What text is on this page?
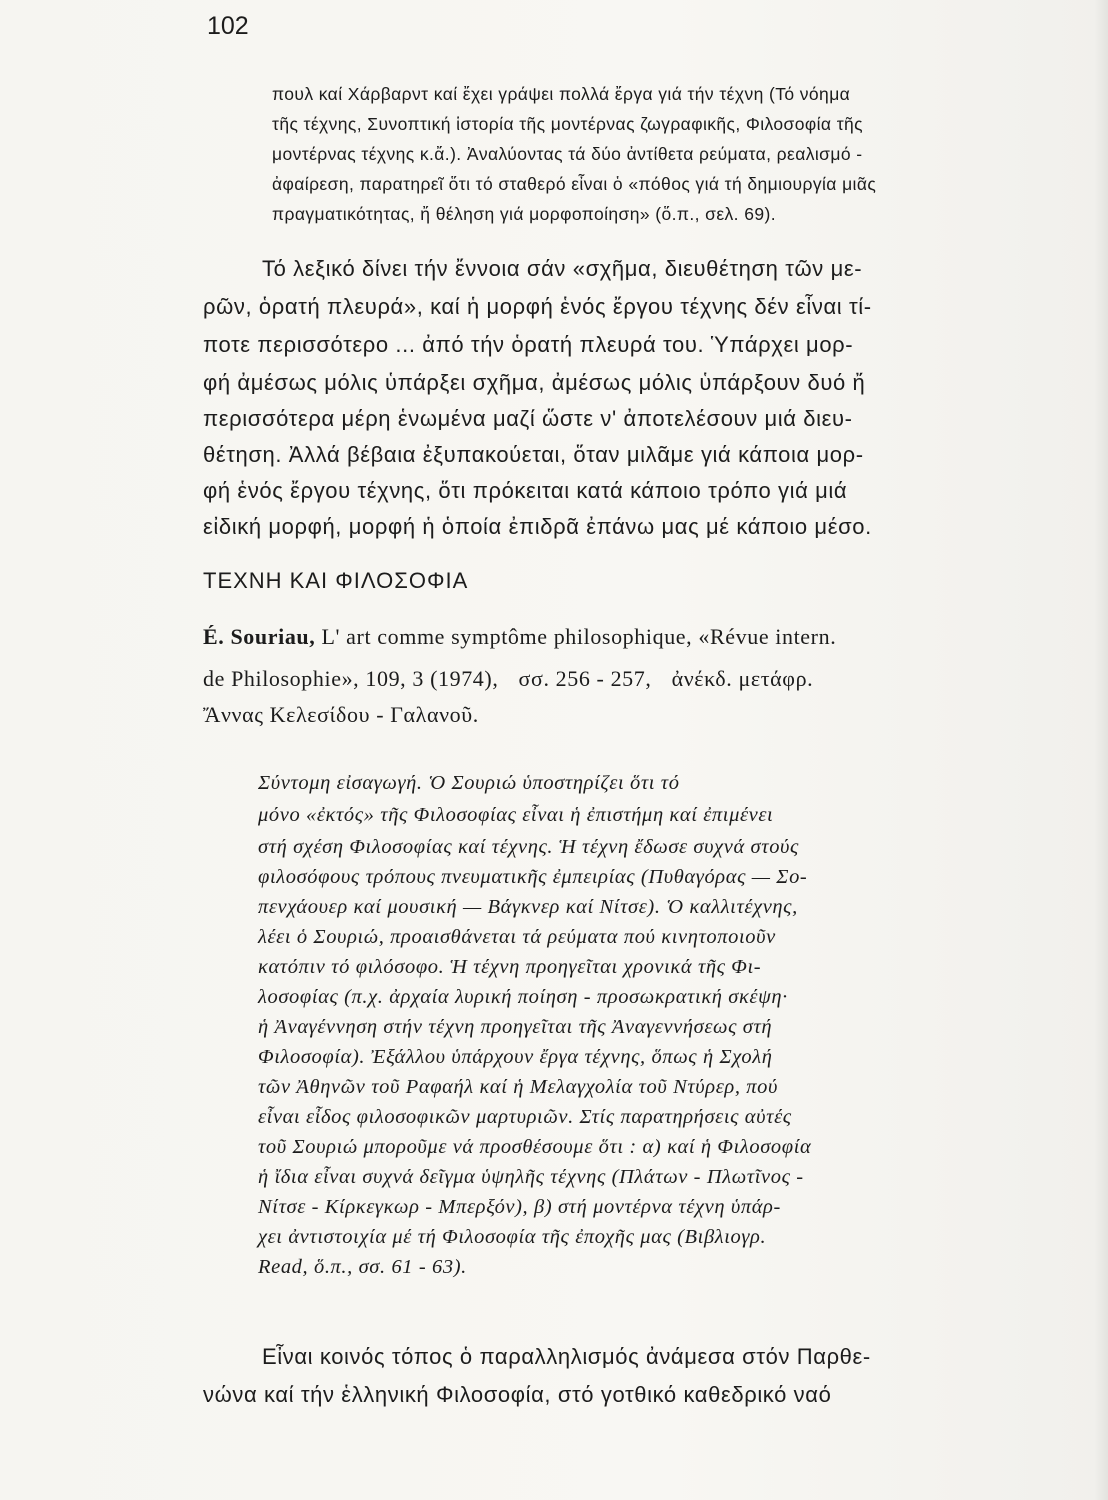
102
πουλ καί Χάρβαρντ καί ἔχει γράψει πολλά ἔργα γιά τήν τέχνη (Τό νόημα
τῆς τέχνης, Συνοπτική ἱστορία τῆς μοντέρνας ζωγραφικῆς, Φιλοσοφία τῆς
μοντέρνας τέχνης κ.ἄ.). Ἀναλύοντας τά δύο ἀντίθετα ρεύματα, ρεαλισμό -
ἀφαίρεση, παρατηρεῖ ὅτι τό σταθερό εἶναι ὁ «πόθος γιά τή δημιουργία μιᾶς
πραγματικότητας, ἤ θέληση γιά μορφοποίηση» (ὅ.π., σελ. 69).
Τό λεξικό δίνει τήν ἔννοια σάν «σχῆμα, διευθέτηση τῶν με-
ρῶν, ὁρατή πλευρά», καί ἡ μορφή ἑνός ἔργου τέχνης δέν εἶναι τί-
ποτε περισσότερο ... ἀπό τήν ὁρατή πλευρά του. Ὑπάρχει μορ-
φή ἀμέσως μόλις ὑπάρξει σχῆμα, ἀμέσως μόλις ὑπάρξουν δυό ἤ
περισσότερα μέρη ἑνωμένα μαζί ὥστε ν' ἀποτελέσουν μιά διευ-
θέτηση. Ἀλλά βέβαια ἐξυπακούεται, ὅταν μιλᾶμε γιά κάποια μορ-
φή ἑνός ἔργου τέχνης, ὅτι πρόκειται κατά κάποιο τρόπο γιά μιά
εἰδική μορφή, μορφή ἡ ὁποία ἐπιδρᾶ ἐπάνω μας μέ κάποιο μέσο.
ΤΕΧΝΗ ΚΑΙ ΦΙΛΟΣΟΦΙΑ
É. Souriau, L' art comme symptôme philosophique, «Révue intern.
de Philosophie», 109, 3 (1974), σσ. 256 - 257, ἀνέκδ. μετάφρ.
Ἄννας Κελεσίδου - Γαλανοῦ.
Σύντομη εἰσαγωγή. Ὁ Σουριώ ὑποστηρίζει ὅτι τό
μόνο «ἐκτός» τῆς Φιλοσοφίας εἶναι ἡ ἐπιστήμη καί ἐπιμένει
στή σχέση Φιλοσοφίας καί τέχνης. Ἡ τέχνη ἔδωσε συχνά στούς
φιλοσόφους τρόπους πνευματικῆς ἐμπειρίας (Πυθαγόρας — Σο-
πενχάουερ καί μουσική — Βάγκνερ καί Νίτσε). Ὁ καλλιτέχνης,
λέει ὁ Σουριώ, προαισθάνεται τά ρεύματα πού κινητοποιοῦν
κατόπιν τό φιλόσοφο. Ἡ τέχνη προηγεῖται χρονικά τῆς Φι-
λοσοφίας (π.χ. ἀρχαία λυρική ποίηση - προσωκρατική σκέψη·
ἡ Ἀναγέννηση στήν τέχνη προηγεῖται τῆς Ἀναγεννήσεως στή
Φιλοσοφία). Ἐξάλλου ὑπάρχουν ἔργα τέχνης, ὅπως ἡ Σχολή
τῶν Ἀθηνῶν τοῦ Ραφαήλ καί ἡ Μελαγχολία τοῦ Ντύρερ, πού
εἶναι εἶδος φιλοσοφικῶν μαρτυριῶν. Στίς παρατηρήσεις αὐτές
τοῦ Σουριώ μποροῦμε νά προσθέσουμε ὅτι : α) καί ἡ Φιλοσοφία
ἡ ἴδια εἶναι συχνά δεῖγμα ὑψηλῆς τέχνης (Πλάτων - Πλωτῖνος -
Νίτσε - Κίρκεγκωρ - Μπερξόν), β) στή μοντέρνα τέχνη ὑπάρ-
χει ἀντιστοιχία μέ τή Φιλοσοφία τῆς ἐποχῆς μας (Βιβλιογρ.
Read, ὅ.π., σσ. 61 - 63).
Εἶναι κοινός τόπος ὁ παραλληλισμός ἀνάμεσα στόν Παρθε-
νώνα καί τήν ἑλληνική Φιλοσοφία, στό γοτθικό καθεδρικό ναό
